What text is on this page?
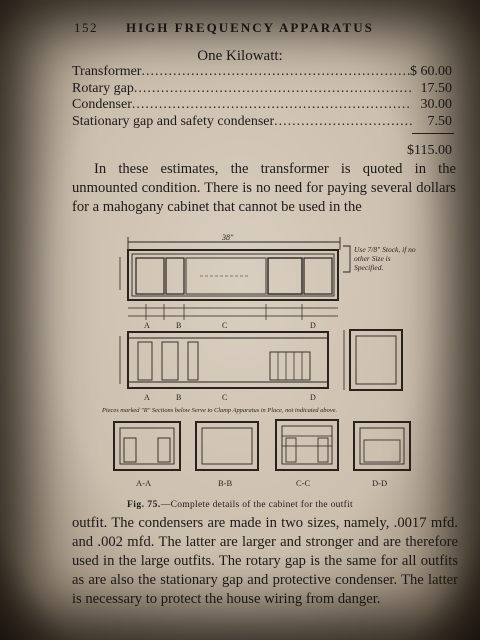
152	HIGH FREQUENCY APPARATUS
One Kilowatt:
Transformer .....	$ 60.00
Rotary gap .....	17.50
Condenser .....	30.00
Stationary gap and safety condenser .....	7.50
$115.00
In these estimates, the transformer is quoted in the unmounted condition. There is no need for paying several dollars for a mahogany cabinet that cannot be used in the
38"
Use 7/8" Stock, if no
other Size is
Specified.
A	B	C	D
A	B	C	D
Pieces marked "R" Sections below Serve to Clamp Apparatus in Place, not indicated above.
A-A	B-B	C-C	D-D
Fig. 75.—Complete details of the cabinet for the outfit
outfit. The condensers are made in two sizes, namely, .0017 mfd. and .002 mfd. The latter are larger and stronger and are therefore used in the large outfits. The rotary gap is the same for all outfits as are also the stationary gap and protective condenser. The latter is necessary to protect the house wiring from danger.
